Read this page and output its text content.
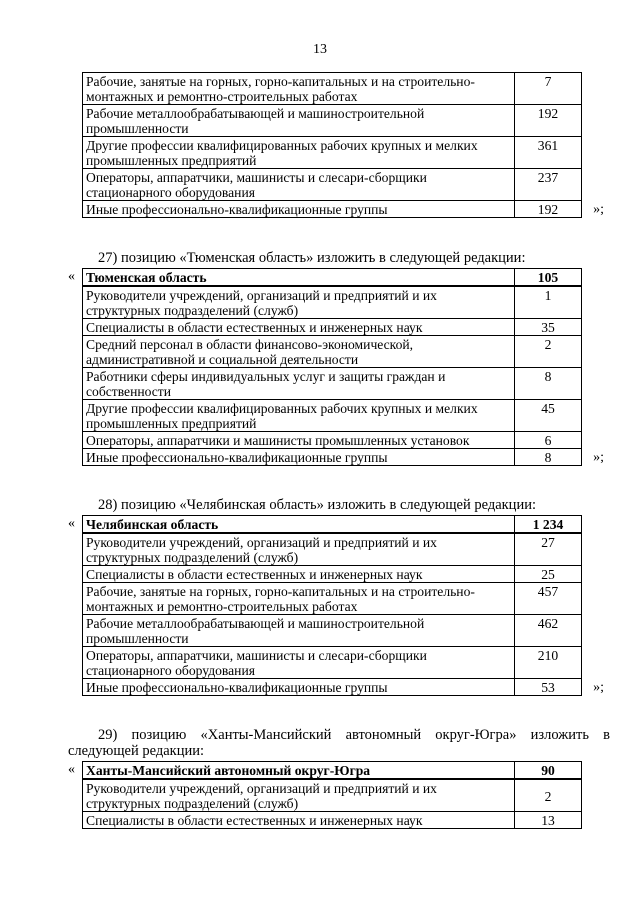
13
Рабочие, занятые на горных, горно-капитальных и на строительно-монтажных и ремонтно-строительных работах	7
Рабочие металлообрабатывающей и машиностроительной промышленности	192
Другие профессии квалифицированных рабочих крупных и мелких промышленных предприятий	361
Операторы, аппаратчики, машинисты и слесари-сборщики стационарного оборудования	237
Иные профессионально-квалификационные группы	192 »;
27) позицию «Тюменская область» изложить в следующей редакции:
« Тюменская область	105
Руководители учреждений, организаций и предприятий и их структурных подразделений (служб)	1
Специалисты в области естественных и инженерных наук	35
Средний персонал в области финансово-экономической, административной и социальной деятельности	2
Работники сферы индивидуальных услуг и защиты граждан и собственности	8
Другие профессии квалифицированных рабочих крупных и мелких промышленных предприятий	45
Операторы, аппаратчики и машинисты промышленных установок	6
Иные профессионально-квалификационные группы	8	»;
28) позицию «Челябинская область» изложить в следующей редакции:
« Челябинская область	1 234
Руководители учреждений, организаций и предприятий и их структурных подразделений (служб)	27
Специалисты в области естественных и инженерных наук	25
Рабочие, занятые на горных, горно-капитальных и на строительно-монтажных и ремонтно-строительных работах	457
Рабочие металлообрабатывающей и машиностроительной промышленности	462
Операторы, аппаратчики, машинисты и слесари-сборщики стационарного оборудования	210
Иные профессионально-квалификационные группы	53	»;
29) позицию «Ханты-Мансийский автономный округ-Югра» изложить в следующей редакции:
« Ханты-Мансийский автономный округ-Югра	90
Руководители учреждений, организаций и предприятий и их структурных подразделений (служб)	2
Специалисты в области естественных и инженерных наук	13
